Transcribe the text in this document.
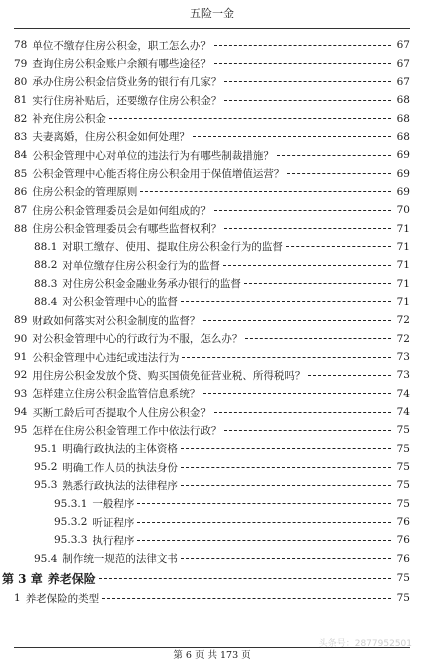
五险一金
78 单位不缴存住房公积金，职工怎么办？	67
79 查询住房公积金账户余额有哪些途径？	67
80 承办住房公积金信贷业务的银行有几家？	67
81 实行住房补贴后，还要缴存住房公积金？	68
82 补充住房公积金	68
83 夫妻离婚，住房公积金如何处理？	68
84 公积金管理中心对单位的违法行为有哪些制裁措施？	69
85 公积金管理中心能否将住房公积金用于保值增值运营？	69
86 住房公积金的管理原则	69
87 住房公积金管理委员会是如何组成的？	70
88 住房公积金管理委员会有哪些监督权利？	71
88.1 对职工缴存、使用、提取住房公积金行为的监督	71
88.2 对单位缴存住房公积金行为的监督	71
88.3 对住房公积金金融业务承办银行的监督	71
88.4 对公积金管理中心的监督	71
89 财政如何落实对公积金制度的监督？	72
90 对公积金管理中心的行政行为不服，怎么办？	72
91 公积金管理中心违纪或违法行为	73
92 用住房公积金发放个贷、购买国债免征营业税、所得税吗？	73
93 怎样建立住房公积金监管信息系统？	74
94 买断工龄后可否提取个人住房公积金？	74
95 怎样在住房公积金管理工作中依法行政？	75
95.1 明确行政执法的主体资格	75
95.2 明确工作人员的执法身份	75
95.3 熟悉行政执法的法律程序	75
95.3.1 一般程序	75
95.3.2 听证程序	76
95.3.3 执行程序	76
95.4 制作统一规范的法律文书	76
第 3 章 养老保险	75
1 养老保险的类型	75
头条号：2877952501
第 6 页 共 173 页
